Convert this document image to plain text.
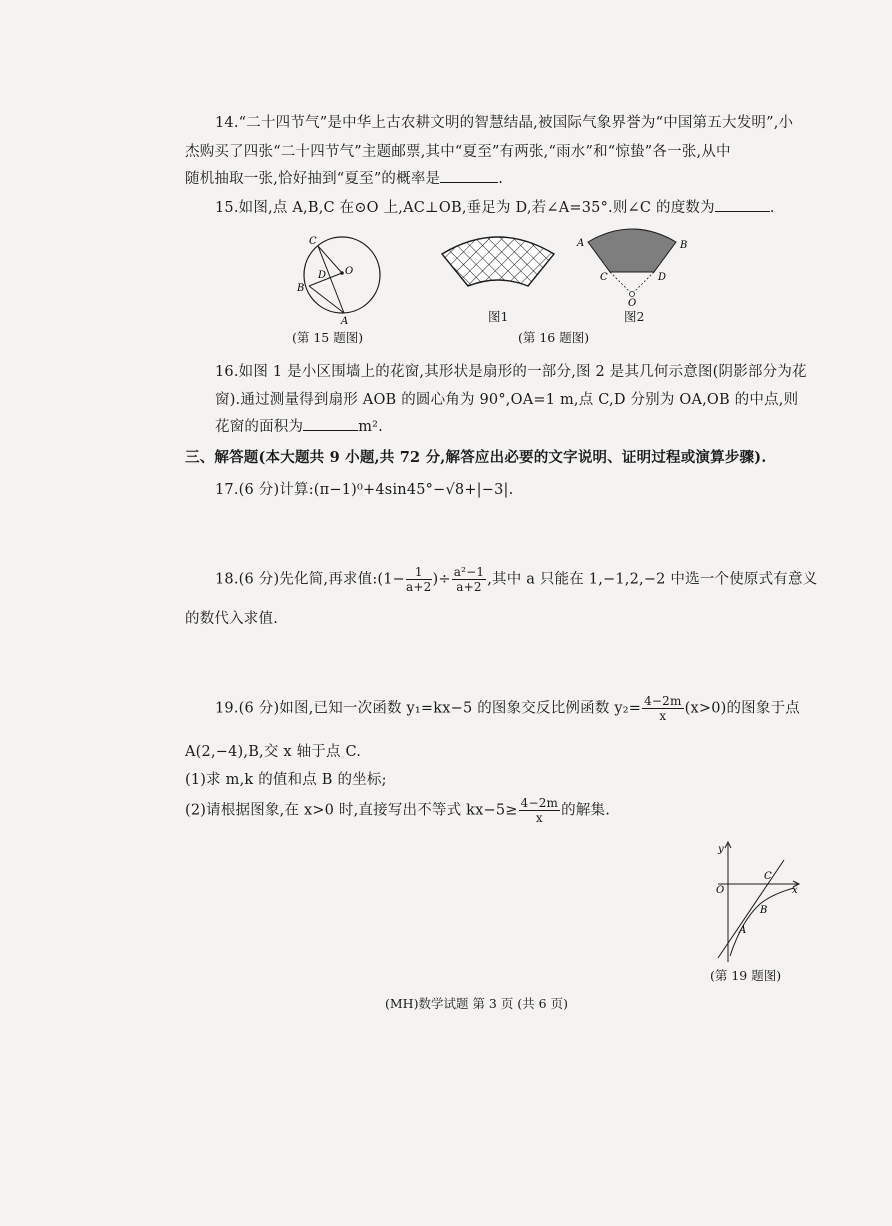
14.“二十四节气”是中华上古农耕文明的智慧结晶,被国际气象界誉为“中国第五大发明”,小
杰购买了四张“二十四节气”主题邮票,其中“夏至”有两张,“雨水”和“惊蛰”各一张,从中
随机抽取一张,恰好抽到“夏至”的概率是	.
15.如图,点 A,B,C 在⊙O 上,AC⊥OB,垂足为 D,若∠A=35°.则∠C 的度数为	.
C
D O
B
A	图1
A	B
C	D
O
图2
(第 15 题图)	(第 16 题图)
16.如图 1 是小区围墙上的花窗,其形状是扇形的一部分,图 2 是其几何示意图(阴影部分为花
窗).通过测量得到扇形 AOB 的圆心角为 90°,OA=1 m,点 C,D 分别为 OA,OB 的中点,则
花窗的面积为	m².
三、解答题(本大题共 9 小题,共 72 分,解答应出必要的文字说明、证明过程或演算步骤).
17.(6 分)计算:(π−1)⁰+4sin45°−√8+|−3|.
18.(6 分)先化简,再求值:(1− $\frac{1}{a+2}$ )÷ $\frac{\text{a²−1}}{a+2}$ ,其中 a 只能在 1,−1,2,−2 中选一个使原式有意义
的数代入求值.
19.(6 分)如图,已知一次函数 y₁=kx−5 的图象交反比例函数 $y_2= \frac{4-2m}{x} (x>0)$的图象于点
A(2,−4),B,交 x 轴于点 C.
(1)求 m,k 的值和点 B 的坐标;
(2)请根据图象,在 x>0 时,直接写出不等式 $kx-5\ge \frac{4-2m}{x}$ 的解集.
y
O
C
x
B
A
(第 19 题图)
(MH)数学试题 第 3 页 (共 6 页)
